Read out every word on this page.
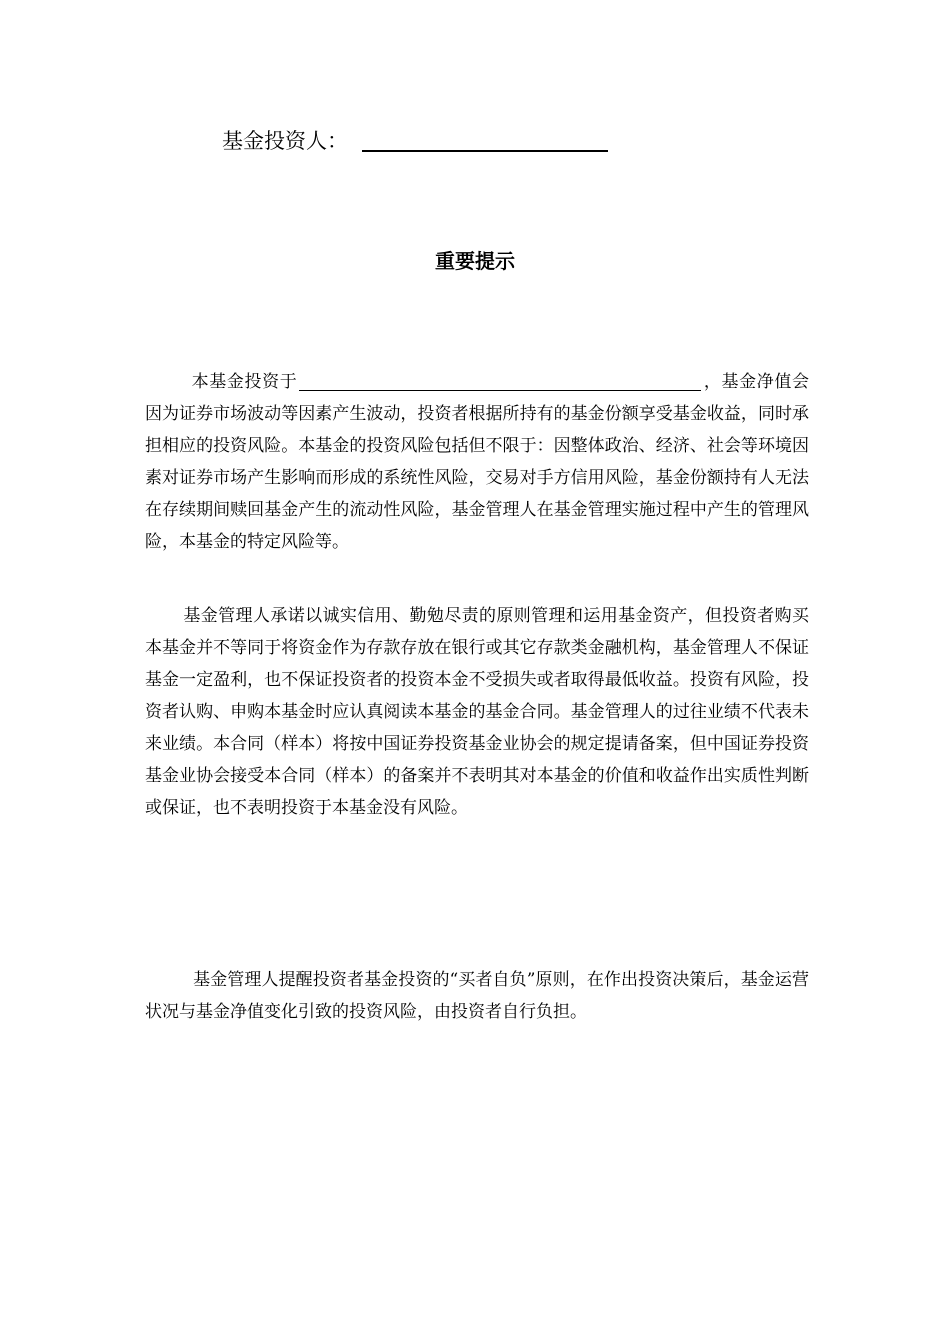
基金投资人：
重要提示

本基金投资于	，基金净值会因为证券市场波动等因素产生波动，投资者根据所持有的基金份额享受基金收益，同时承担相应的投资风险。本基金的投资风险包括但不限于：因整体政治、经济、社会等环境因素对证券市场产生影响而形成的系统性风险，交易对手方信用风险，基金份额持有人无法在存续期间赎回基金产生的流动性风险，基金管理人在基金管理实施过程中产生的管理风险，本基金的特定风险等。

基金管理人承诺以诚实信用、勤勉尽责的原则管理和运用基金资产，但投资者购买本基金并不等同于将资金作为存款存放在银行或其它存款类金融机构，基金管理人不保证基金一定盈利，也不保证投资者的投资本金不受损失或者取得最低收益。投资有风险，投资者认购、申购本基金时应认真阅读本基金的基金合同。基金管理人的过往业绩不代表未来业绩。本合同（样本）将按中国证券投资基金业协会的规定提请备案，但中国证券投资基金业协会接受本合同（样本）的备案并不表明其对本基金的价值和收益作出实质性判断或保证，也不表明投资于本基金没有风险。

基金管理人提醒投资者基金投资的“买者自负”原则，在作出投资决策后，基金运营状况与基金净值变化引致的投资风险，由投资者自行负担。
